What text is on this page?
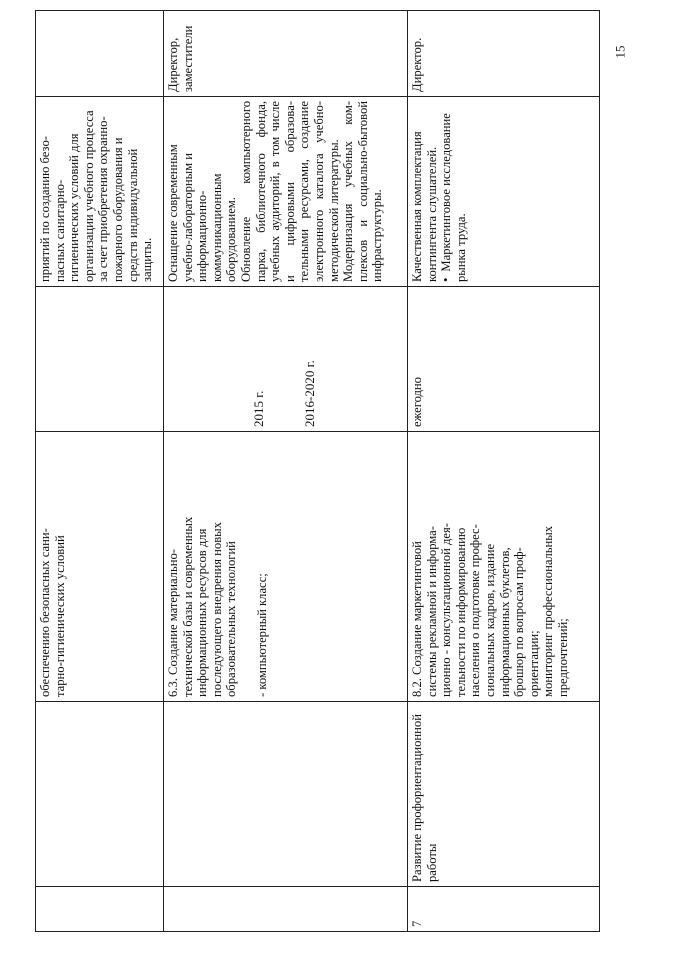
обеспечению безопасных сани- тарно-гигиенических условий

приятий по созданию безо- пасных санитарно- гигиенических условий для организации учебного процесса за счет приобретения охранно- пожарного оборудования и средств индивидуальной защиты.

6.3. Создание материально- технической базы и современных информационных ресурсов для последующего внедрения новых образовательных технологий - компьютерный класс;

2015 г.	2016-2020 г.

Оснащение современным учебно-лабораторным и информационно- коммуникационным оборудованием. Обновление компьютерного парка, библиотечного фонда, учебных аудиторий, в том числе и цифровыми образова- тельными ресурсами, создание электронного каталога учебно- методической литературы. Модернизация учебных ком- плексов и социально-бытовой инфраструктуры.

Директор, заместители

7	
Развитие профориентационной работы

8.2. Создание маркетинговой системы рекламной и информа- ционно - консультационной дея- тельности по информированию населения о подготовке профес- сиональных кадров, издание информационных буклетов, брошюр по вопросам проф- ориентации; мониторинг профессиональных предпочтений;
	ежегодно	
Качественная комплектация контингента слушателей.
• Маркетинговое исследование рынка труда.	
Директор.	15
